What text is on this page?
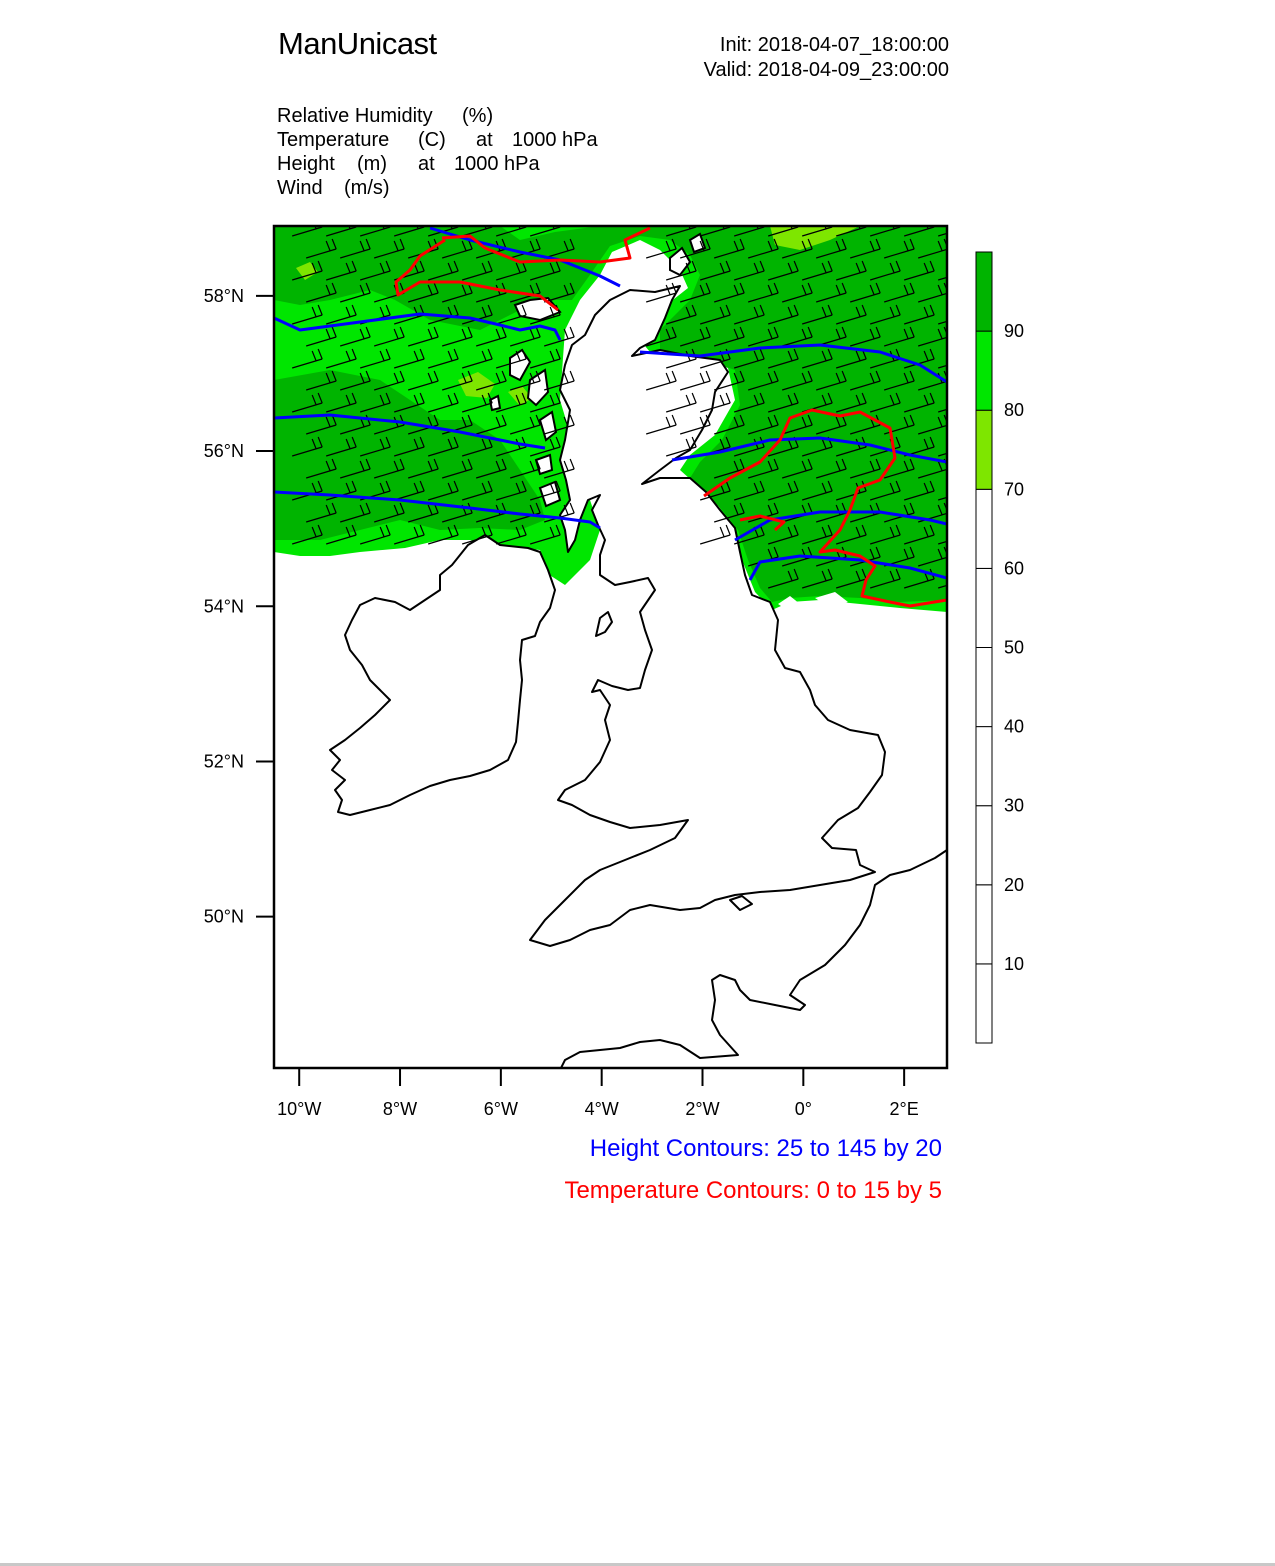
ManUnicast	Init: 2018-04-07_18:00:00
Valid: 2018-04-09_23:00:00
Relative Humidity (%)
Temperature (C) at 1000 hPa
Height (m) at 1000 hPa
Wind (m/s)
58°N
56°N
54°N
52°N
50°N
10°W	8°W	6°W	4°W	2°W	0°	2°E
10
20
30
40
50
60
70
80
90
Height Contours: 25 to 145 by 20
Temperature Contours: 0 to 15 by 5
